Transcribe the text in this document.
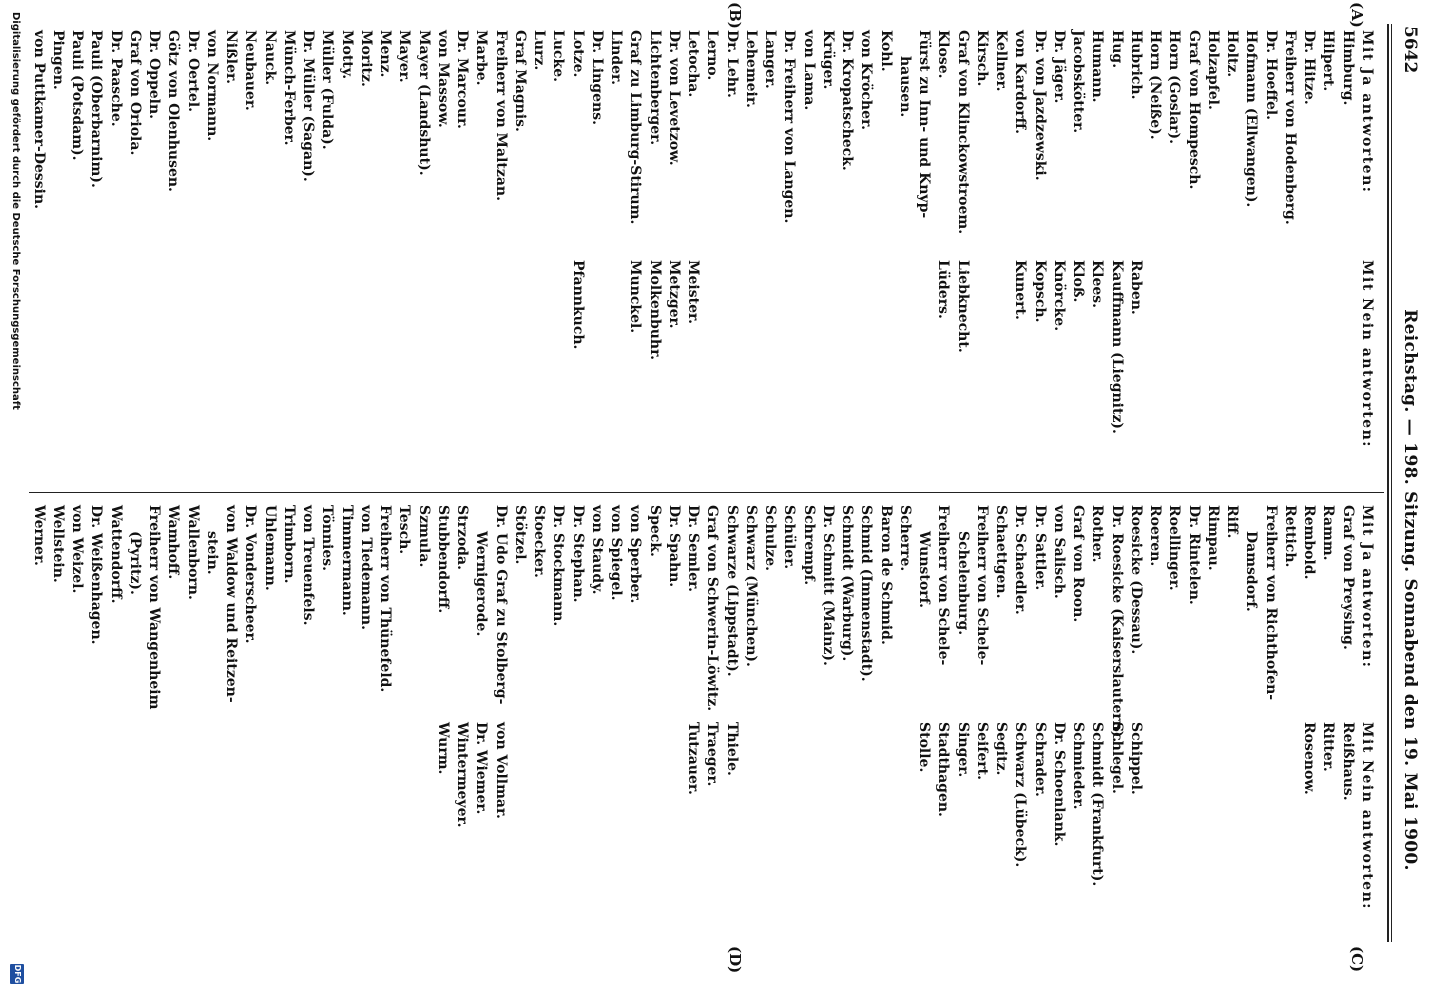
5642
Reichstag. — 198. Sitzung. Sonnabend den 19. Mai 1900.
(A)
(B)
(C)
(D)
Mit Ja antworten:
Himburg.
Hilpert.
Dr. Hitze.
Freiherr von Hodenberg.
Dr. Hoeffel.
Hofmann (Ellwangen).
Holtz.
Holzapfel.
Graf von Hompesch.
Horn (Goslar).
Horn (Neiße).
Hubrich.
Hug.
Humann.
Jacobskötter.
Dr. Jäger.
Dr. von Jazdzewski.
von Kardorff.
Kellner.
Kirsch.
Graf von Klinckowstroem.
Klose.
Fürst zu Inn- und Knyp-
hausen.
Kohl.
von Kröcher.
Dr. Kropatscheck.
Krüger.
von Lama.
Dr. Freiherr von Langen.
Langer.
Lehemeir.
Dr. Lehr.
Lerno.
Letocha.
Dr. von Levetzow.
Lichtenberger.
Graf zu Limburg-Stirum.
Linder.
Dr. Lingens.
Lotze.
Lucke.
Lurz.
Graf Magnis.
Freiherr von Maltzan.
Marbe.
Dr. Marcour.
von Massow.
Mayer (Landshut).
Mayer.
Menz.
Moritz.
Motty.
Müller (Fulda).
Dr. Müller (Sagan).
Münch-Ferber.
Nauck.
Neubauer.
Nißler.
von Normann.
Dr. Oertel.
Götz von Olenhusen.
Dr. Oppeln.
Graf von Oriola.
Dr. Paasche.
Pauli (Oberbarnim).
Pauli (Potsdam).
Pingen.
von Puttkamer-Dessin.
Mit Nein antworten:
Raben.
Kauffmann (Liegnitz).
Klees.
Kloß.
Knörcke.
Kopsch.
Kunert.
Liebknecht.
Lüders.
Meister.
Metzger.
Molkenbuhr.
Munckel.
Pfannkuch.
Mit Ja antworten:
Graf von Preysing.
Ramm.
Rembold.
Rettich.
Freiherr von Richthofen-
Damsdorf.
Riff.
Rimpau.
Dr. Rintelen.
Roellinger.
Roeren.
Roesicke (Dessau).
Dr. Roesicke (Kaiserslautern).
Rother.
Graf von Roon.
von Salisch.
Dr. Sattler.
Dr. Schaedler.
Schaettgen.
Freiherr von Schele-
Schelenburg.
Freiherr von Schele-
Wunstorf.
Scherre.
Baron de Schmid.
Schmid (Immenstadt).
Schmidt (Warburg).
Dr. Schmitt (Mainz).
Schrempf.
Schüler.
Schulze.
Schwarz (München).
Schwarze (Lippstadt).
Graf von Schwerin-Löwitz.
Dr. Semler.
Dr. Spahn.
Speck.
von Sperber.
von Spiegel.
von Staudy.
Dr. Stephan.
Dr. Stockmann.
Stoecker.
Stötzel.
Dr. Udo Graf zu Stolberg-
Wernigerode.
Strzoda.
Stubbendorff.
Szmula.
Tesch.
Freiherr von Thünefeld.
von Tiedemann.
Timmermann.
Tönnies.
von Treuenfels.
Trimborn.
Uhlemann.
Dr. Vonderscheer.
von Waldow und Reitzen-
stein.
Wallenborn.
Wamhoff.
Freiherr von Wangenheim
(Pyritz).
Wattendorff.
Dr. Weißenhagen.
von Weizel.
Wellstein.
Werner.
Mit Nein antworten:
Reißhaus.
Ritter.
Rosenow.
Schippel.
Schlegel.
Schmidt (Frankfurt).
Schmieder.
Dr. Schoenlank.
Schrader.
Schwarz (Lübeck).
Segitz.
Seifert.
Singer.
Stadthagen.
Stolle.
Thiele.
Traeger.
Tutzauer.
von Vollmar.
Dr. Wiemer.
Wintermeyer.
Wurm.
Digitalisierung gefördert durch die Deutsche Forschungsgemeinschaft
DFG
